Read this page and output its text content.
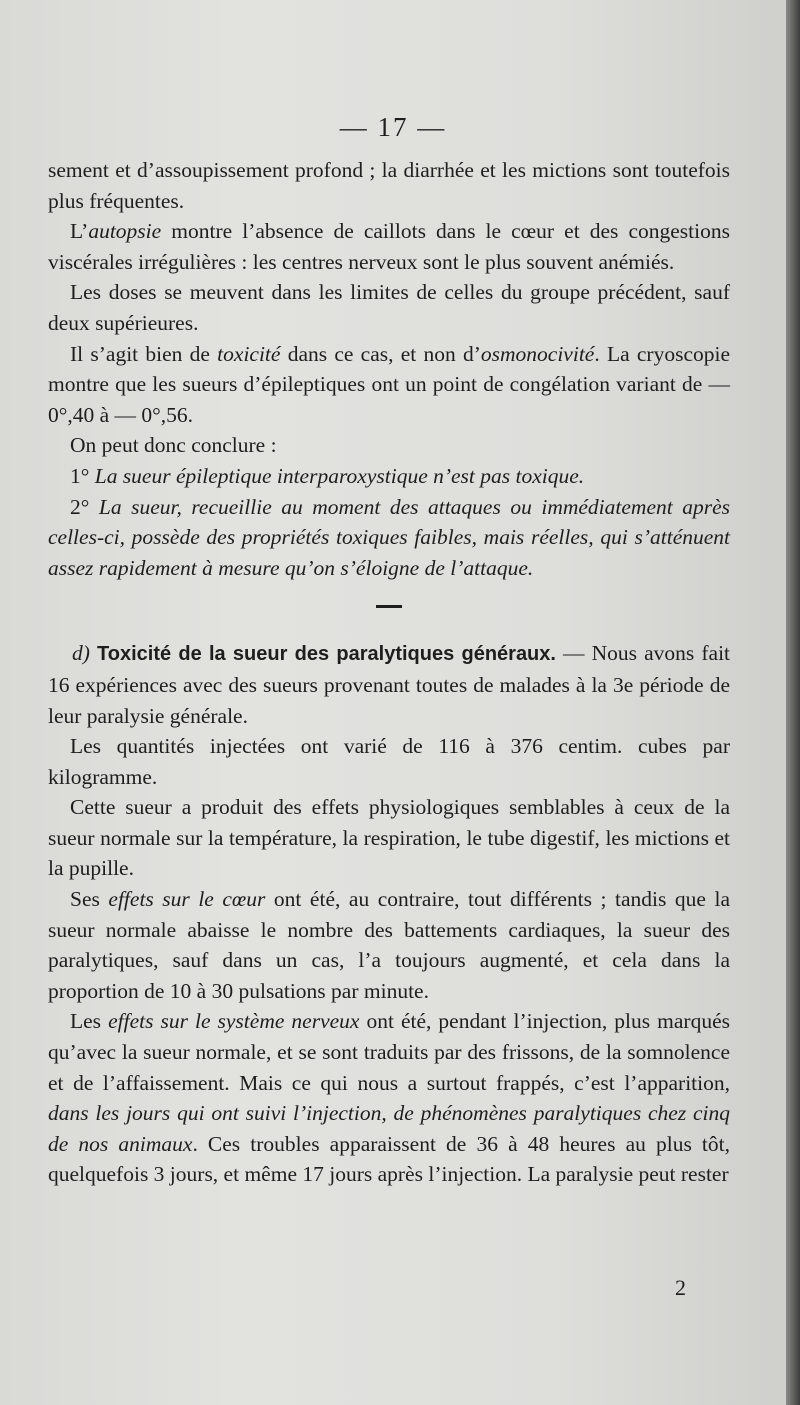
— 17 —

sement et d’assoupissement profond ; la diarrhée et les mictions sont toutefois plus fréquentes.

L’autopsie montre l’absence de caillots dans le cœur et des congestions viscérales irrégulières : les centres nerveux sont le plus souvent anémiés.

Les doses se meuvent dans les limites de celles du groupe précédent, sauf deux supérieures.

Il s’agit bien de toxicité dans ce cas, et non d’osmonocivité. La cryoscopie montre que les sueurs d’épileptiques ont un point de congélation variant de — 0°,40 à — 0°,56.

On peut donc conclure :

1° La sueur épileptique interparoxystique n’est pas toxique.

2° La sueur, recueillie au moment des attaques ou immédiatement après celles-ci, possède des propriétés toxiques faibles, mais réelles, qui s’atténuent assez rapidement à mesure qu’on s’éloigne de l’attaque.

d) Toxicité de la sueur des paralytiques généraux. — Nous avons fait 16 expériences avec des sueurs provenant toutes de malades à la 3e période de leur paralysie générale.

Les quantités injectées ont varié de 116 à 376 centim. cubes par kilogramme.

Cette sueur a produit des effets physiologiques semblables à ceux de la sueur normale sur la température, la respiration, le tube digestif, les mictions et la pupille.

Ses effets sur le cœur ont été, au contraire, tout différents ; tandis que la sueur normale abaisse le nombre des battements cardiaques, la sueur des paralytiques, sauf dans un cas, l’a toujours augmenté, et cela dans la proportion de 10 à 30 pulsations par minute.

Les effets sur le système nerveux ont été, pendant l’injection, plus marqués qu’avec la sueur normale, et se sont traduits par des frissons, de la somnolence et de l’affaissement. Mais ce qui nous a surtout frappés, c’est l’apparition, dans les jours qui ont suivi l’injection, de phénomènes paralytiques chez cinq de nos animaux. Ces troubles apparaissent de 36 à 48 heures au plus tôt, quelquefois 3 jours, et même 17 jours après l’injection. La paralysie peut rester

2
